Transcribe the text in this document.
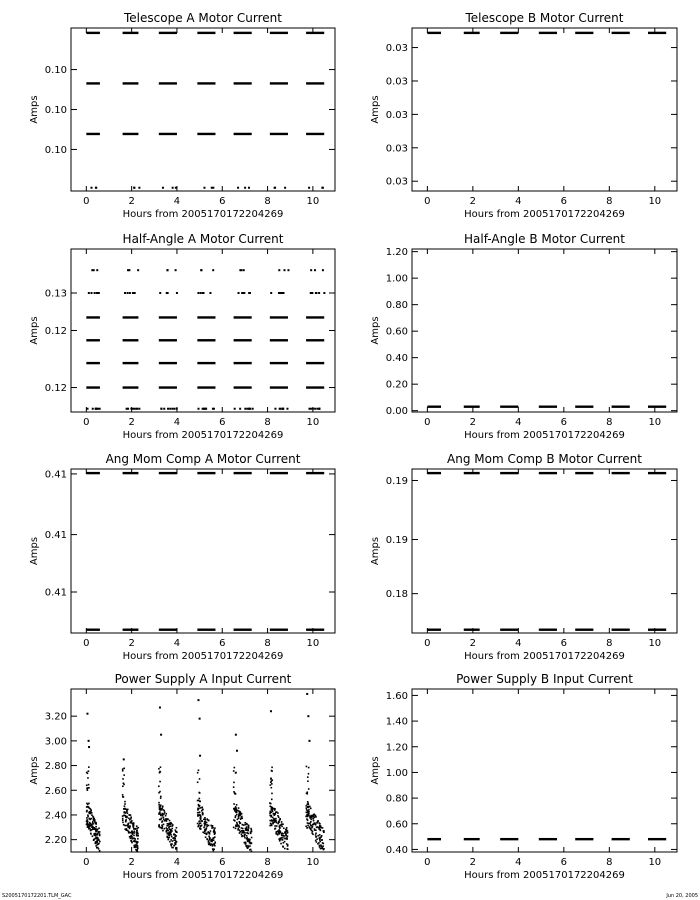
Telescope A Motor Current
Hours from 2005170172204269
Amps
0	2	4	6	8	10
0.10
0.10
0.10
Telescope B Motor Current
Hours from 2005170172204269
Amps
0	2	4	6	8	10
0.03
0.03
0.03
0.03
0.03
Half-Angle A Motor Current
Hours from 2005170172204269
Amps
0	2	4	6	8	10
0.13
0.12
0.12
Half-Angle B Motor Current
Hours from 2005170172204269
Amps
0	2	4	6	8	10
0.00
0.20
0.40
0.60
0.80
1.00
1.20
Ang Mom Comp A Motor Current
Hours from 2005170172204269
Amps
0	2	4	6	8	10
0.41
0.41
0.41
Ang Mom Comp B Motor Current
Hours from 2005170172204269
Amps
0	2	4	6	8	10
0.19
0.19
0.18
Power Supply A Input Current
Hours from 2005170172204269
Amps
0	2	4	6	8	10
2.20
2.40
2.60
2.80
3.00
3.20
Power Supply B Input Current
Hours from 2005170172204269
Amps
0	2	4	6	8	10
0.40
0.60
0.80
1.00
1.20
1.40
1.60
S2005170172201.TLM_GAC	Jun 20, 2005
